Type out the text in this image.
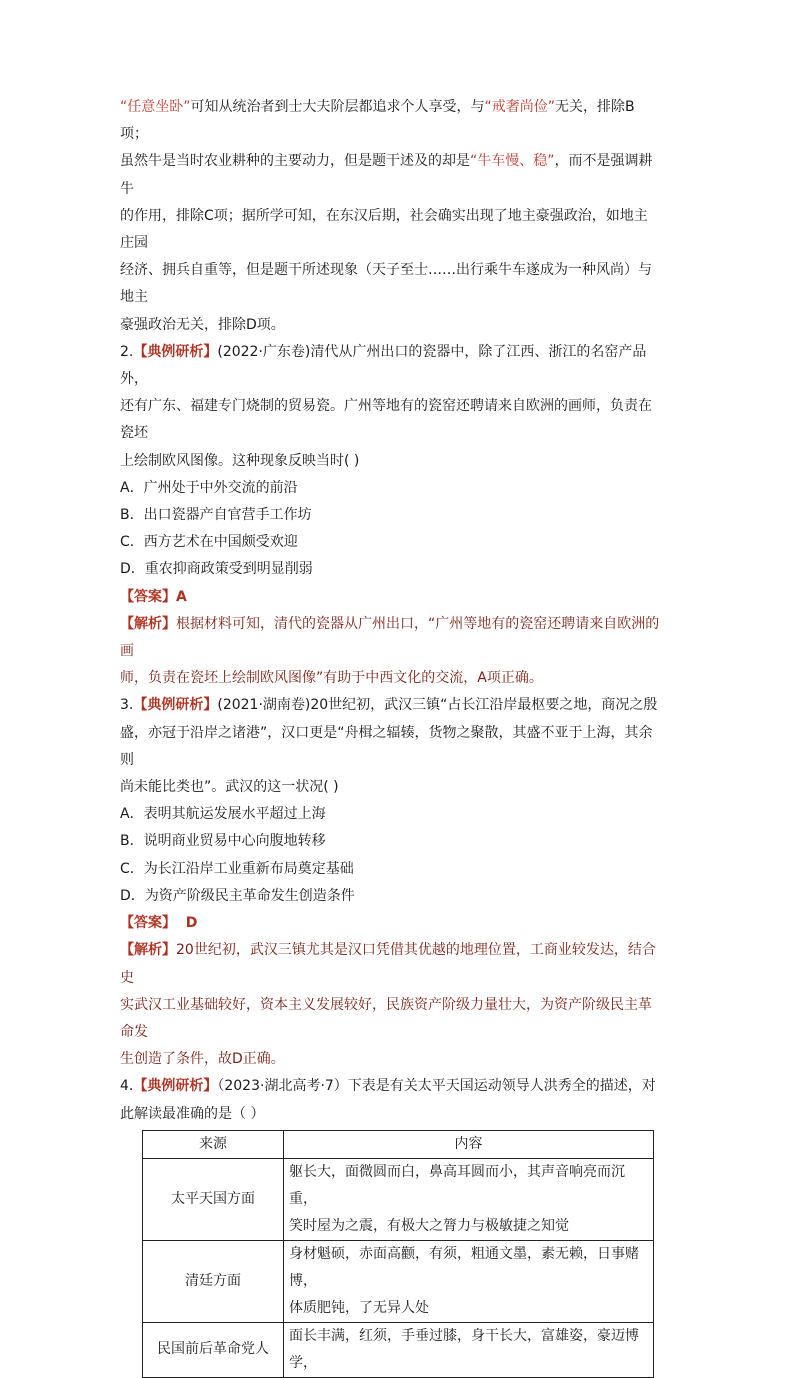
“任意坐卧”可知从统治者到士大夫阶层都追求个人享受，与“戒奢尚俭”无关，排除B项；

虽然牛是当时农业耕种的主要动力，但是题干述及的却是“牛车慢、稳”，而不是强调耕牛

的作用，排除C项；据所学可知，在东汉后期，社会确实出现了地主豪强政治，如地主庄园

经济、拥兵自重等，但是题干所述现象（天子至士……出行乘牛车遂成为一种风尚）与地主

豪强政治无关，排除D项。

2.【典例研析】(2022·广东卷)清代从广州出口的瓷器中，除了江西、浙江的名窑产品外，

还有广东、福建专门烧制的贸易瓷。广州等地有的瓷窑还聘请来自欧洲的画师，负责在瓷坯

上绘制欧风图像。这种现象反映当时( )

A．广州处于中外交流的前沿

B．出口瓷器产自官营手工作坊

C．西方艺术在中国颇受欢迎

D．重农抑商政策受到明显削弱

【答案】A

【解析】根据材料可知，清代的瓷器从广州出口，“广州等地有的瓷窑还聘请来自欧洲的画

师，负责在瓷坯上绘制欧风图像”有助于中西文化的交流，A项正确。

3.【典例研析】(2021·湖南卷)20世纪初，武汉三镇“占长江沿岸最枢要之地，商况之殷

盛，亦冠于沿岸之诸港”，汉口更是“舟楫之辐辏，货物之聚散，其盛不亚于上海，其余则

尚未能比类也”。武汉的这一状况( )

A．表明其航运发展水平超过上海

B．说明商业贸易中心向腹地转移

C．为长江沿岸工业重新布局奠定基础

D．为资产阶级民主革命发生创造条件

【答案】  D

【解析】20世纪初，武汉三镇尤其是汉口凭借其优越的地理位置，工商业较发达，结合史

实武汉工业基础较好，资本主义发展较好，民族资产阶级力量壮大，为资产阶级民主革命发

生创造了条件，故D正确。

4.【典例研析】（2023·湖北高考·7）下表是有关太平天国运动领导人洪秀全的描述，对

此解读最准确的是（ ）

来源	内容
太平天国方面	躯长大，面微圆而白，鼻高耳圆而小，其声音响亮而沉重，
笑时屋为之震，有极大之膂力与极敏捷之知觉

清廷方面	身材魁硕，赤面高颧，有须，粗通文墨，素无赖，日事赌博，
体质肥钝，了无异人处

民国前后革命党人	面长丰满，红须，手垂过膝，身干长大，富雄姿，豪迈博学，
